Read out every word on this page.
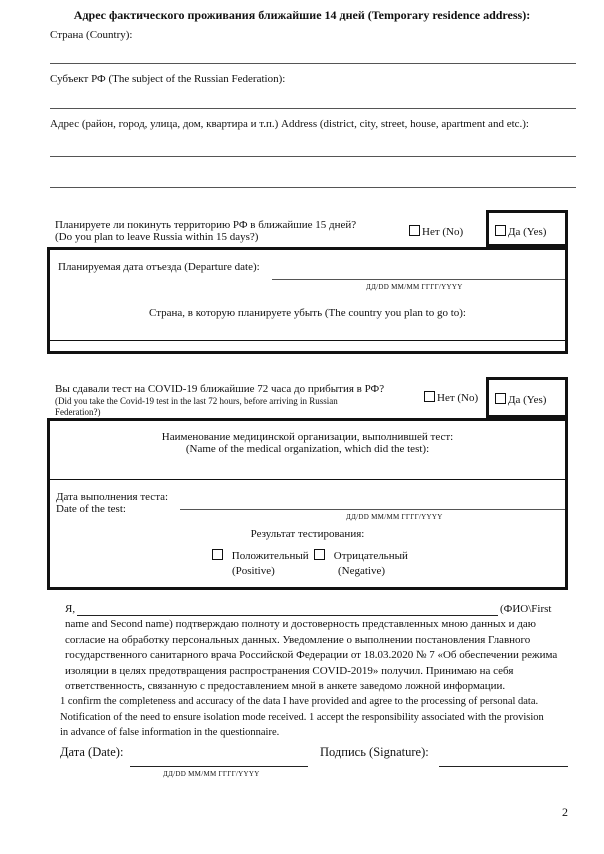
Адрес фактического проживания ближайшие 14 дней (Temporary residence address):
Страна (Country):
Субъект РФ (The subject of the Russian Federation):
Адрес (район, город, улица, дом, квартира и т.п.) Address (district, city, street, house, apartment and etc.):
Планируете ли покинуть территорию РФ в ближайшие 15 дней?
(Do you plan to leave Russia within 15 days?)	Нет (No)	Да (Yes)
Планируемая дата отъезда (Departure date):
ДД/DD ММ/MM ГГГГ/YYYY
Страна, в которую планируете убыть (The country you plan to go to):
Вы сдавали тест на COVID-19 ближайшие 72 часа до прибытия в РФ?
(Did you take the Covid-19 test in the last 72 hours, before arriving in Russian
Federation?)
Нет (No)	Да (Yes)
Наименование медицинской организации, выполнившей тест:
(Name of the medical organization, which did the test):
Дата выполнения теста:
Date of the test:
ДД/DD ММ/MM ГГГГ/YYYY
Результат тестирования:
Положительный
(Positive)
Отрицательный
(Negative)
Я,	(ФИО\First
name and Second name) подтверждаю полноту и достоверность представленных мною данных и даю
согласие на обработку персональных данных. Уведомление о выполнении постановления Главного
государственного санитарного врача Российской Федерации от 18.03.2020 № 7 «Об обеспечении режима
изоляции в целях предотвращения распространения COVID-2019» получил. Принимаю на себя
ответственность, связанную с предоставлением мной в анкете заведомо ложной информации.
1 confirm the completeness and accuracy of the data I have provided and agree to the processing of personal data.
Notification of the need to ensure isolation mode received. 1 accept the responsibility associated with the provision
in advance of false information in the questionnaire.
Дата (Date):
ДД/DD ММ/MM ГГГГ/YYYY
Подпись (Signature):
2
